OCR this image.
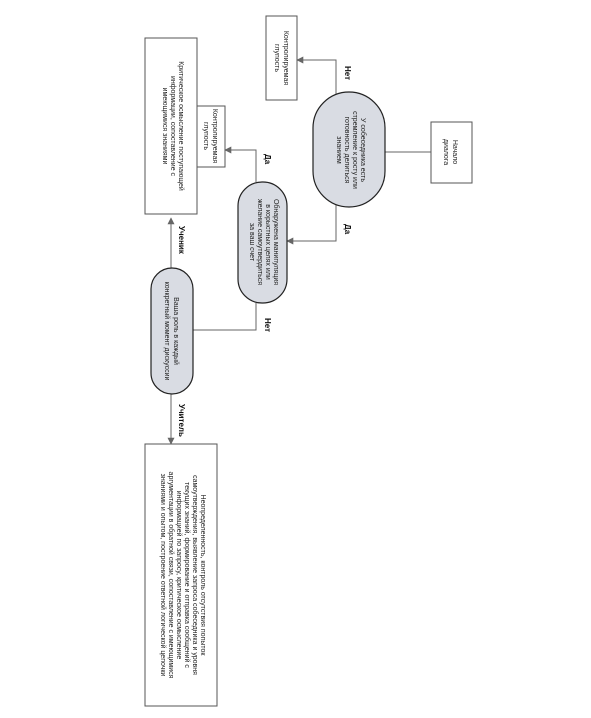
Начало
диалога
У собеседника есть
стремление к росту или
готовность делиться
знанием
Контролируемая
глупость
Обнаружена манипуляция
в корыстных целях или
желание самоутвердиться
за ваш счет
Контролируемая
глупость
Критическое осмысление поступающей
информации, сопоставление с
имеющимися знаниями
Ваша роль в каждый
конкретный момент дискуссии
Неопределенность, контроль отсутствия попыток
самоутверждения, выявление запроса собеседника и уровня
текущих знаний, формирование и отправка сообщений с
информацией по запросу, критическое осмысление
аргументации в обратной связи, сопоставление с имеющимися
знаниями и опытом, построение ответной логической цепочки
Нет
Да
Да
Нет
Ученик
Учитель
